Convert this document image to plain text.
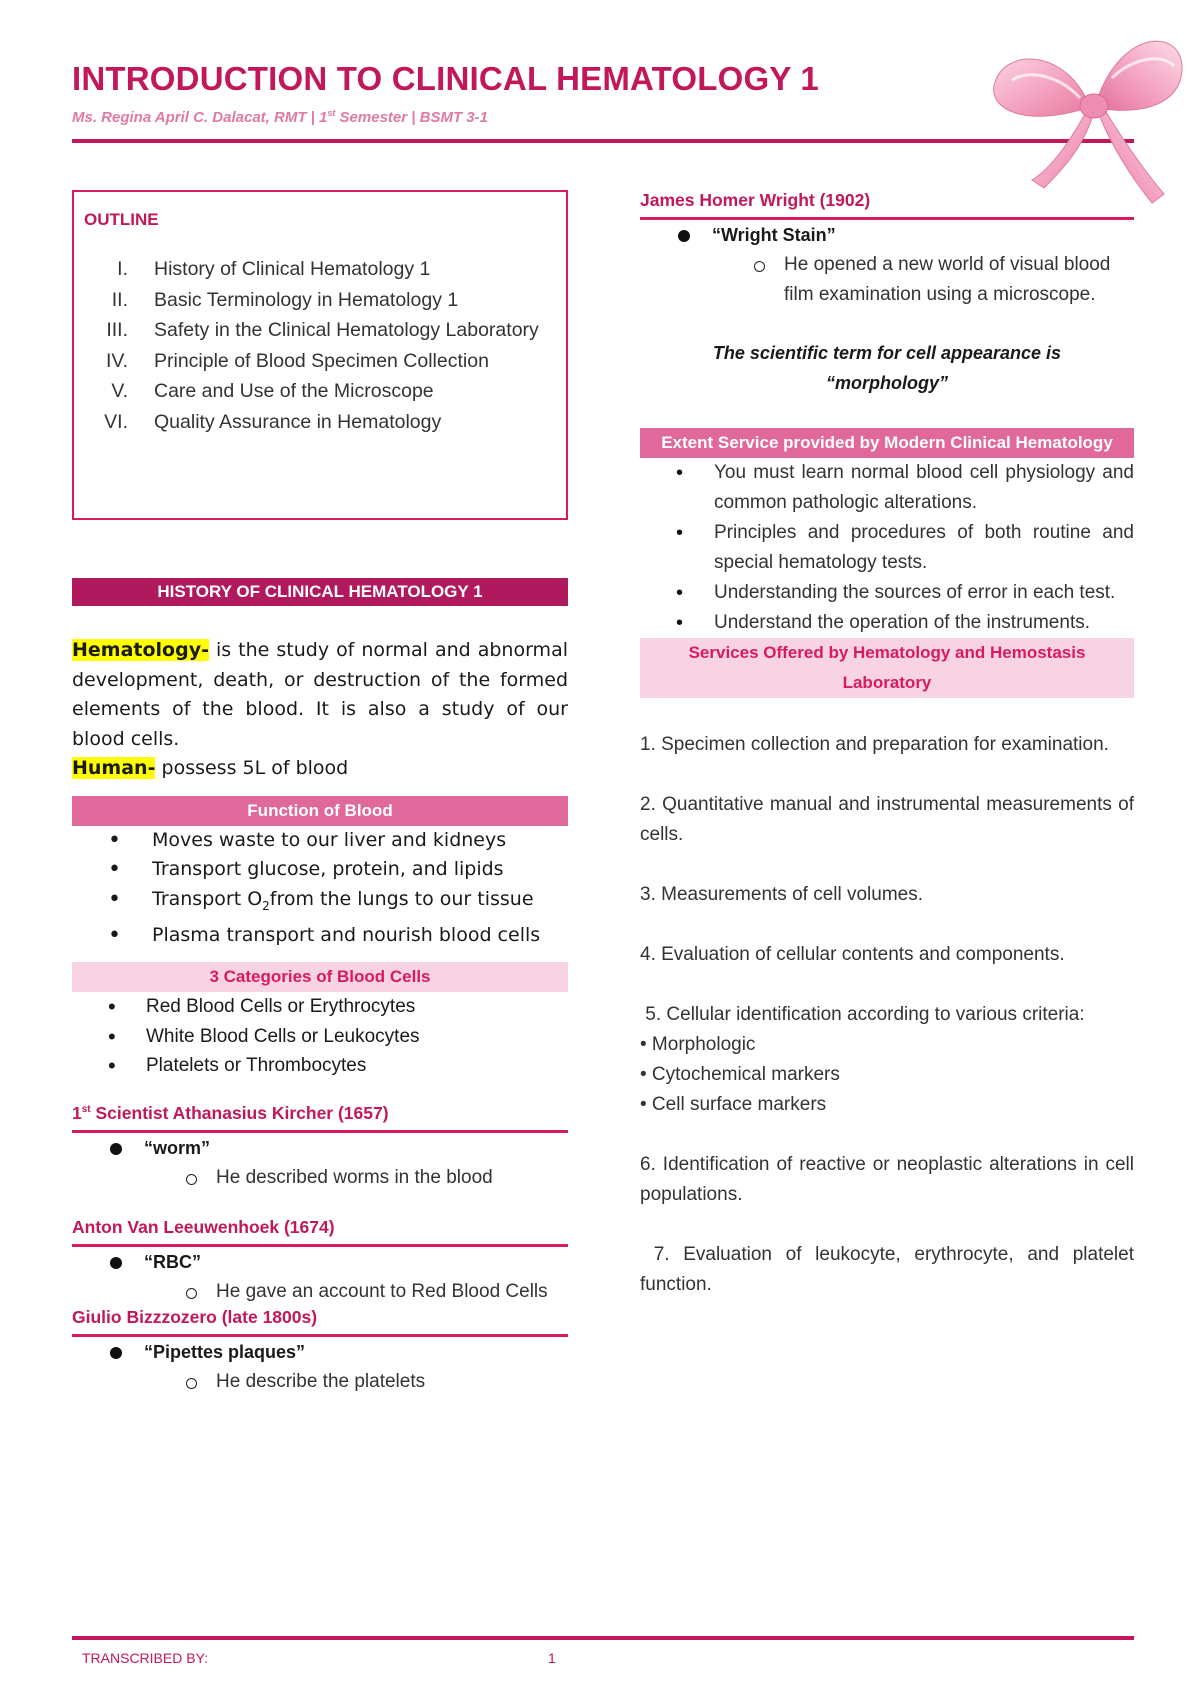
INTRODUCTION TO CLINICAL HEMATOLOGY 1
Ms. Regina April C. Dalacat, RMT | 1st Semester | BSMT 3-1
OUTLINE
I.	History of Clinical Hematology 1
II.	Basic Terminology in Hematology 1
III.	Safety in the Clinical Hematology Laboratory
IV.	Principle of Blood Specimen Collection
V.	Care and Use of the Microscope
VI.	Quality Assurance in Hematology
HISTORY OF CLINICAL HEMATOLOGY 1
Hematology- is the study of normal and abnormal development, death, or destruction of the formed elements of the blood. It is also a study of our blood cells.
Human- possess 5L of blood
Function of Blood
• Moves waste to our liver and kidneys
• Transport glucose, protein, and lipids
• Transport $O_2from$ the lungs to our tissue
• Plasma transport and nourish blood cells
3 Categories of Blood Cells
• Red Blood Cells or Erythrocytes
• White Blood Cells or Leukocytes
• Platelets or Thrombocytes
1st Scientist Athanasius Kircher (1657)
“worm”
He described worms in the blood
Anton Van Leeuwenhoek (1674)
“RBC”
He gave an account to Red Blood Cells
Giulio Bizzzozero (late 1800s)
“Pipettes plaques”
He describe the platelets
James Homer Wright (1902)
“Wright Stain”
He opened a new world of visual blood film examination using a microscope.
The scientific term for cell appearance is
“morphology”
Extent Service provided by Modern Clinical Hematology
• You must learn normal blood cell physiology and common pathologic alterations.
• Principles and procedures of both routine and special hematology tests.
• Understanding the sources of error in each test.
• Understand the operation of the instruments.
Services Offered by Hematology and Hemostasis Laboratory
1. Specimen collection and preparation for examination.
2. Quantitative manual and instrumental measurements of cells.
3. Measurements of cell volumes.
4. Evaluation of cellular contents and components.
5. Cellular identification according to various criteria:
• Morphologic
• Cytochemical markers
• Cell surface markers
6. Identification of reactive or neoplastic alterations in cell populations.
7. Evaluation of leukocyte, erythrocyte, and platelet function.
TRANSCRIBED BY:	1
